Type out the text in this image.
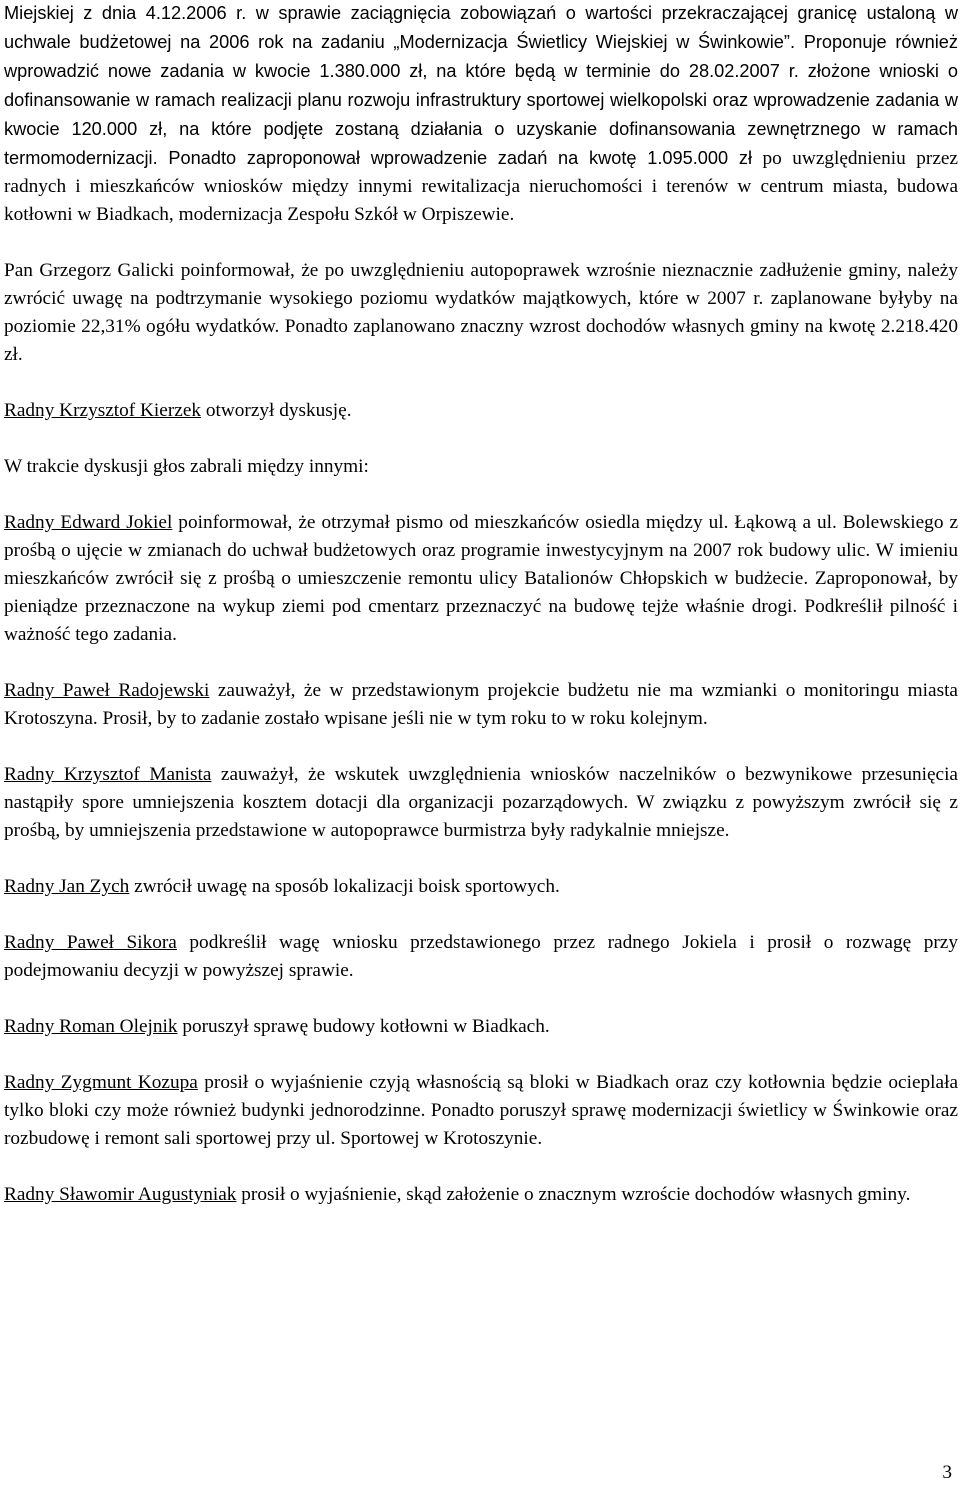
Miejskiej z dnia 4.12.2006 r. w sprawie zaciągnięcia zobowiązań o wartości przekraczającej granicę ustaloną w uchwale budżetowej na 2006 rok na zadaniu „Modernizacja Świetlicy Wiejskiej w Świnkowie”. Proponuje również wprowadzić nowe zadania w kwocie 1.380.000 zł, na które będą w terminie do 28.02.2007 r. złożone wnioski o dofinansowanie w ramach realizacji planu rozwoju infrastruktury sportowej wielkopolski oraz wprowadzenie zadania w kwocie 120.000 zł, na które podjęte zostaną działania o uzyskanie dofinansowania zewnętrznego w ramach termomodernizacji. Ponadto zaproponował wprowadzenie zadań na kwotę 1.095.000 zł po uwzględnieniu przez radnych i mieszkańców wniosków między innymi rewitalizacja nieruchomości i terenów w centrum miasta, budowa kotłowni w Biadkach, modernizacja Zespołu Szkół w Orpiszewie.

Pan Grzegorz Galicki poinformował, że po uwzględnieniu autopoprawek wzrośnie nieznacznie zadłużenie gminy, należy zwrócić uwagę na podtrzymanie wysokiego poziomu wydatków majątkowych, które w 2007 r. zaplanowane byłyby na poziomie 22,31% ogółu wydatków. Ponadto zaplanowano znaczny wzrost dochodów własnych gminy na kwotę 2.218.420 zł.

Radny Krzysztof Kierzek otworzył dyskusję.

W trakcie dyskusji głos zabrali między innymi:

Radny Edward Jokiel poinformował, że otrzymał pismo od mieszkańców osiedla między ul. Łąkową a ul. Bolewskiego z prośbą o ujęcie w zmianach do uchwał budżetowych oraz programie inwestycyjnym na 2007 rok budowy ulic. W imieniu mieszkańców zwrócił się z prośbą o umieszczenie remontu ulicy Batalionów Chłopskich w budżecie. Zaproponował, by pieniądze przeznaczone na wykup ziemi pod cmentarz przeznaczyć na budowę tejże właśnie drogi. Podkreślił pilność i ważność tego zadania.

Radny Paweł Radojewski zauważył, że w przedstawionym projekcie budżetu nie ma wzmianki o monitoringu miasta Krotoszyna. Prosił, by to zadanie zostało wpisane jeśli nie w tym roku to w roku kolejnym.

Radny Krzysztof Manista zauważył, że wskutek uwzględnienia wniosków naczelników o bezwynikowe przesunięcia nastąpiły spore umniejszenia kosztem dotacji dla organizacji pozarządowych. W związku z powyższym zwrócił się z prośbą, by umniejszenia przedstawione w autopoprawce burmistrza były radykalnie mniejsze.

Radny Jan Zych zwrócił uwagę na sposób lokalizacji boisk sportowych.

Radny Paweł Sikora podkreślił wagę wniosku przedstawionego przez radnego Jokiela i prosił o rozwagę przy podejmowaniu decyzji w powyższej sprawie.

Radny Roman Olejnik poruszył sprawę budowy kotłowni w Biadkach.

Radny Zygmunt Kozupa prosił o wyjaśnienie czyją własnością są bloki w Biadkach oraz czy kotłownia będzie ocieplała tylko bloki czy może również budynki jednorodzinne. Ponadto poruszył sprawę modernizacji świetlicy w Świnkowie oraz rozbudowę i remont sali sportowej przy ul. Sportowej w Krotoszynie.

Radny Sławomir Augustyniak prosił o wyjaśnienie, skąd założenie o znacznym wzroście dochodów własnych gminy.

3
